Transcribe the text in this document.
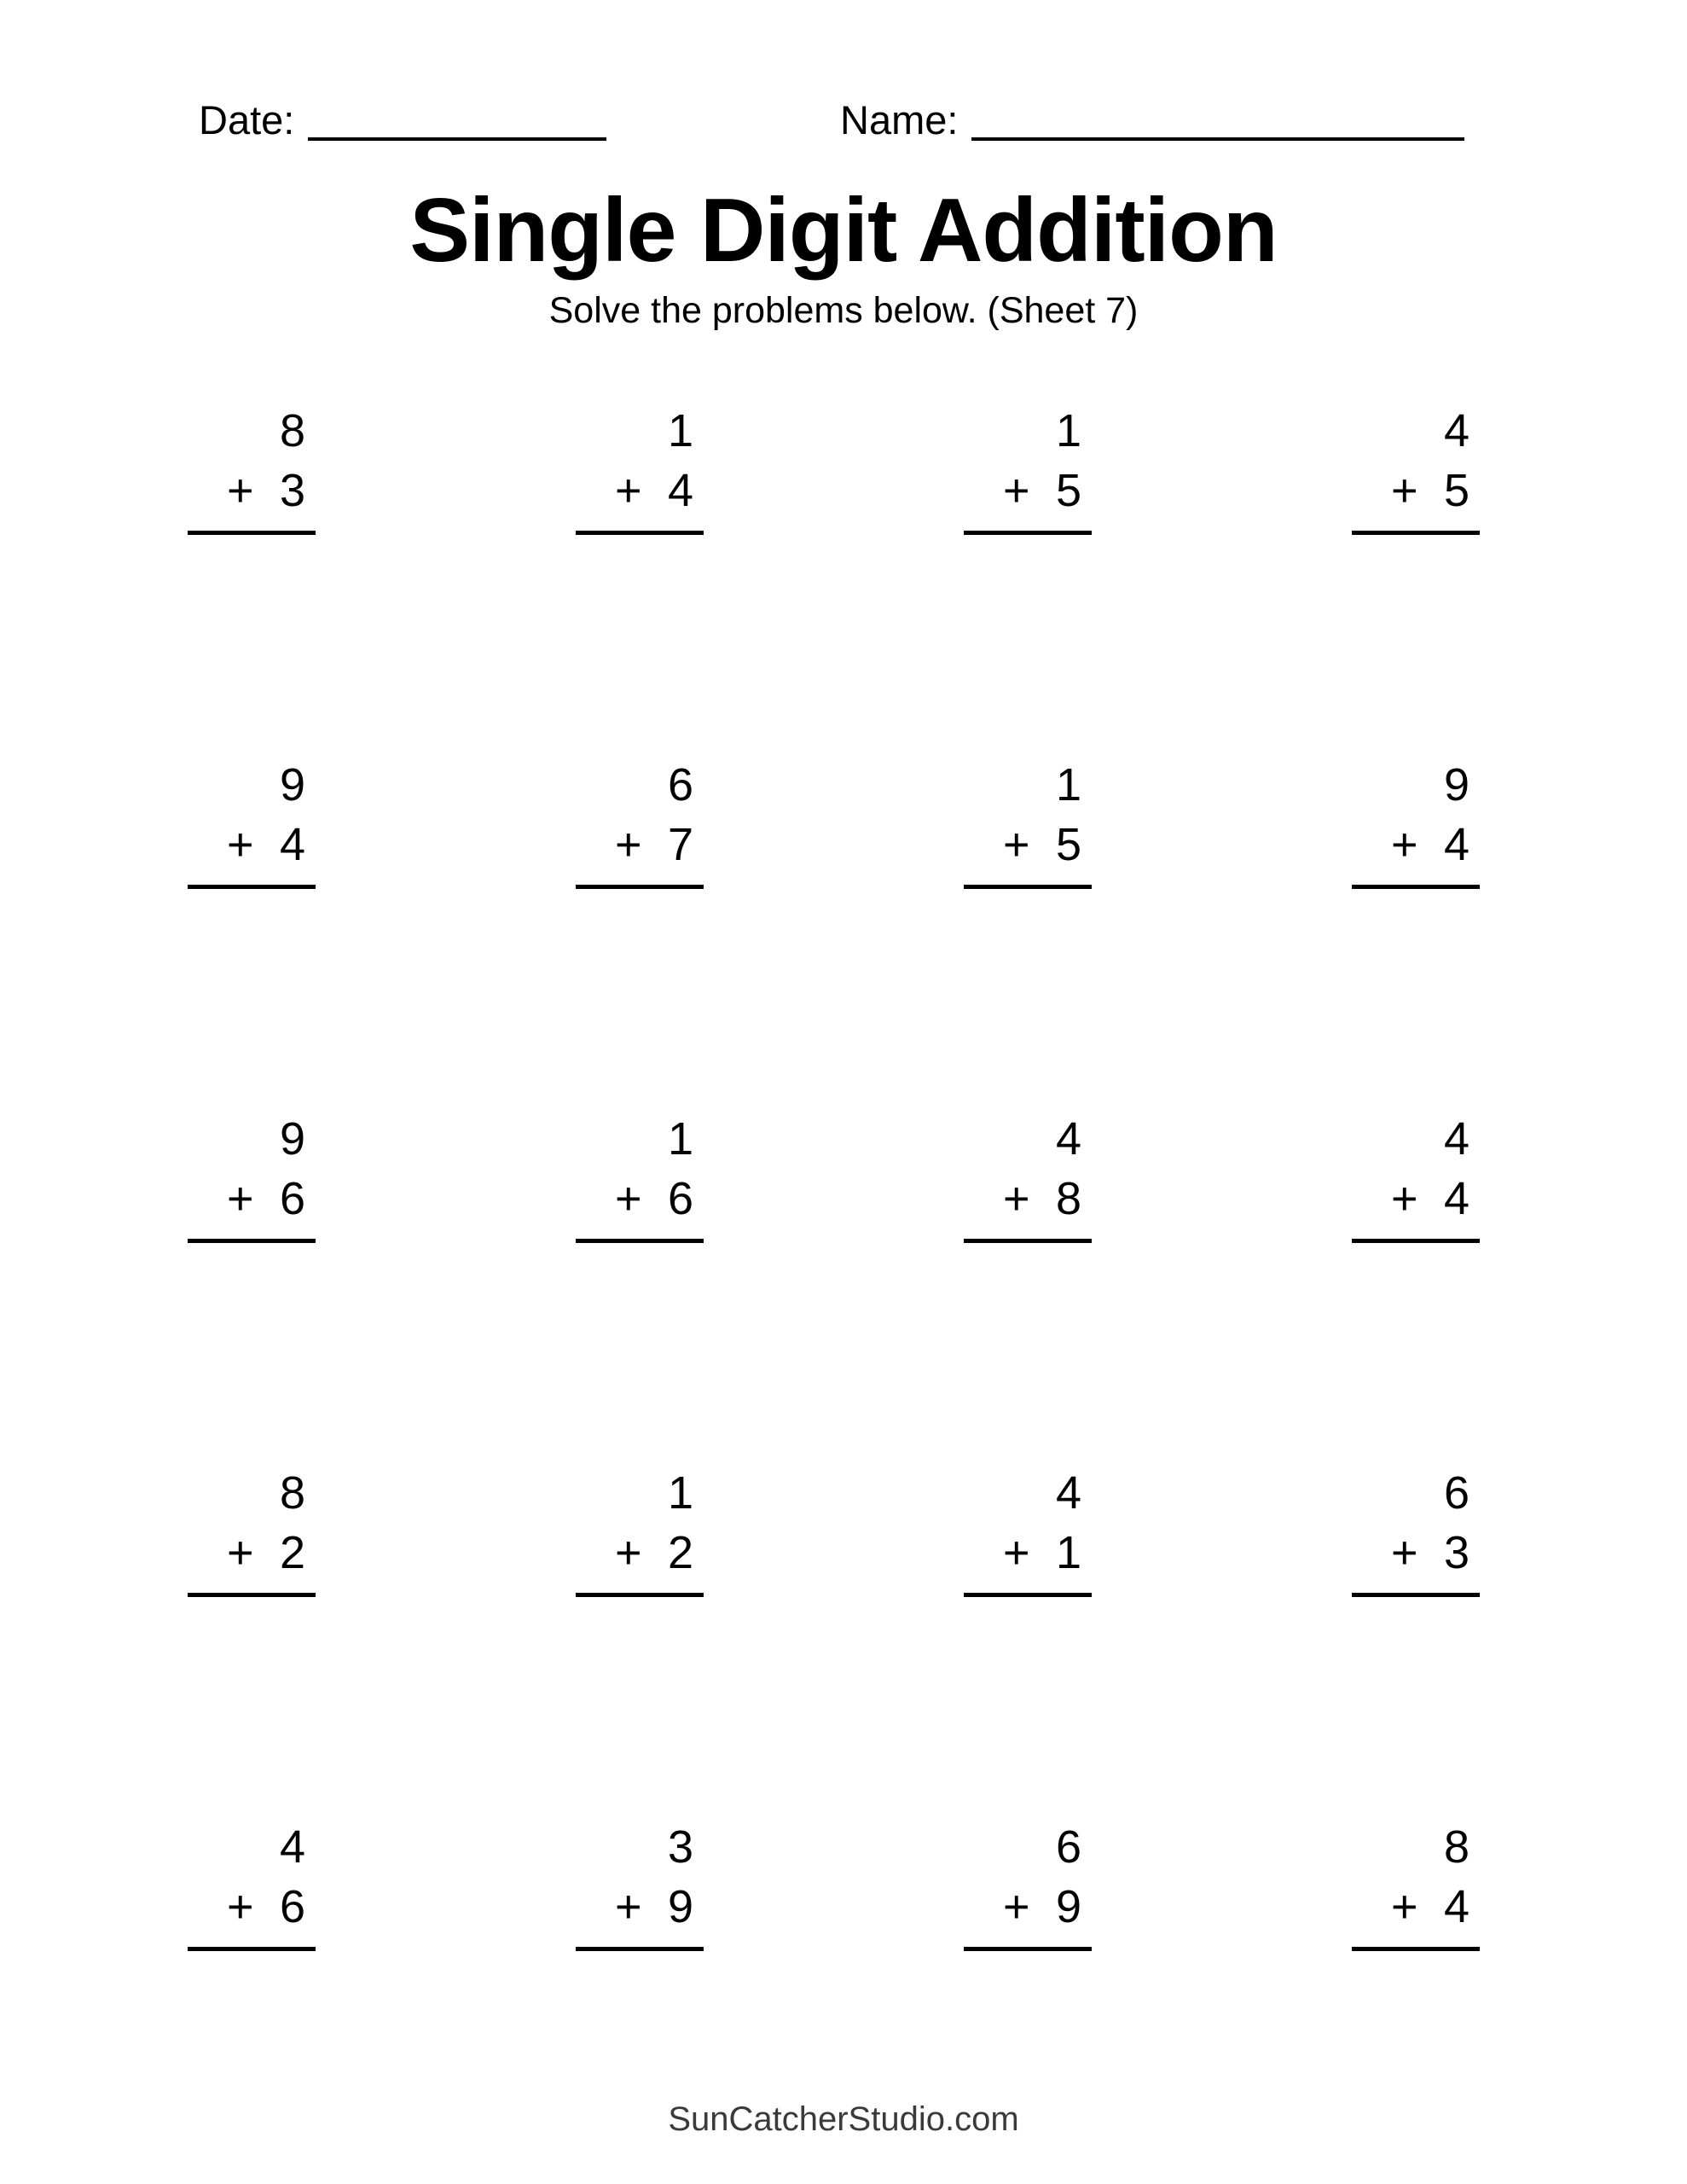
Date:	Name:
Single Digit Addition

Solve the problems below. (Sheet 7)

8
+ 3
1
+ 4
1
+ 5
4
+ 5
9
+ 4
6
+ 7
1
+ 5
9
+ 4
9
+ 6
1
+ 6
4
+ 8
4
+ 4
8
+ 2
1
+ 2
4
+ 1
6
+ 3
4
+ 6
3
+ 9
6
+ 9
8
+ 4
SunCatcherStudio.com
